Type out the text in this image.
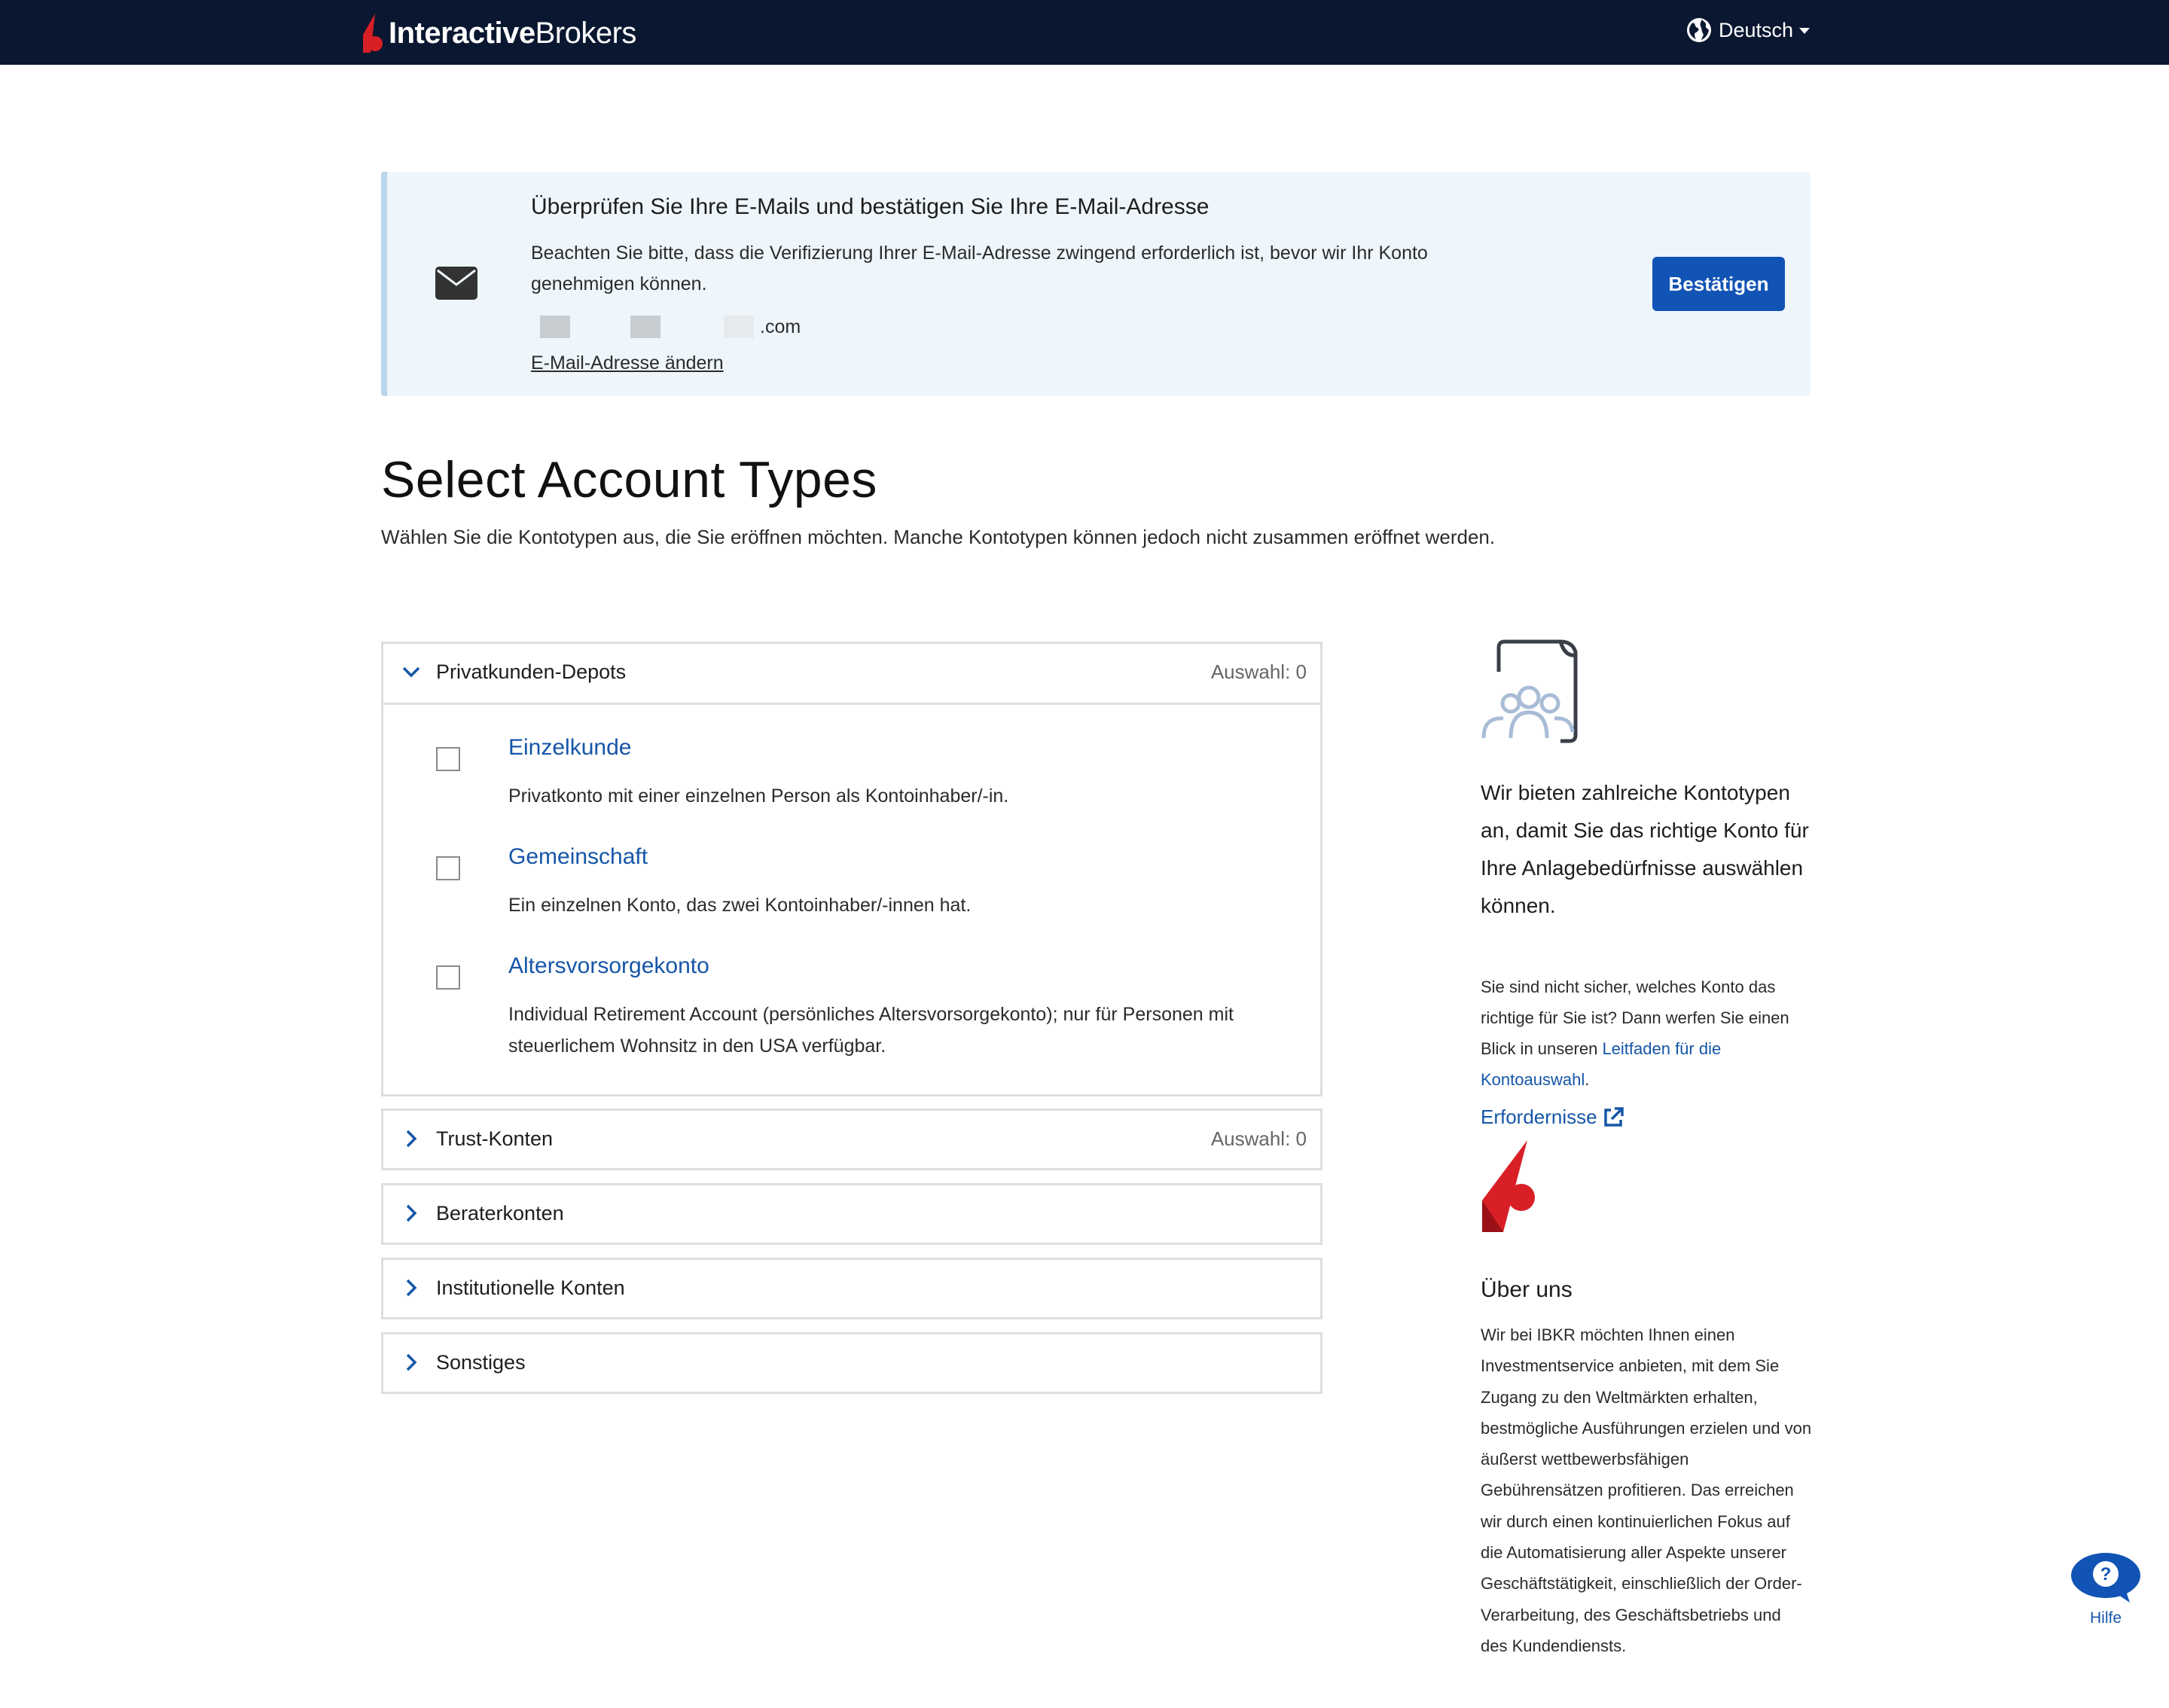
InteractiveBrokers	Deutsch
Überprüfen Sie Ihre E-Mails und bestätigen Sie Ihre E-Mail-Adresse
Beachten Sie bitte, dass die Verifizierung Ihrer E-Mail-Adresse zwingend erforderlich ist, bevor wir Ihr Konto genehmigen können.
.com
E-Mail-Adresse ändern
Bestätigen
Select Account Types
Wählen Sie die Kontotypen aus, die Sie eröffnen möchten. Manche Kontotypen können jedoch nicht zusammen eröffnet werden.
Privatkunden-Depots	Auswahl: 0
Einzelkunde
Privatkonto mit einer einzelnen Person als Kontoinhaber/-in.
Gemeinschaft
Ein einzelnen Konto, das zwei Kontoinhaber/-innen hat.
Altersvorsorgekonto
Individual Retirement Account (persönliches Altersvorsorgekonto); nur für Personen mit steuerlichem Wohnsitz in den USA verfügbar.
Trust-Konten	Auswahl: 0
Beraterkonten
Institutionelle Konten
Sonstiges
Wir bieten zahlreiche Kontotypen an, damit Sie das richtige Konto für Ihre Anlagebedürfnisse auswählen können.
Sie sind nicht sicher, welches Konto das richtige für Sie ist? Dann werfen Sie einen Blick in unseren Leitfaden für die Kontoauswahl.
Erfordernisse
Über uns
Wir bei IBKR möchten Ihnen einen Investmentservice anbieten, mit dem Sie Zugang zu den Weltmärkten erhalten, bestmögliche Ausführungen erzielen und von äußerst wettbewerbsfähigen Gebührensätzen profitieren. Das erreichen wir durch einen kontinuierlichen Fokus auf die Automatisierung aller Aspekte unserer Geschäftstätigkeit, einschließlich der Order-Verarbeitung, des Geschäftsbetriebs und des Kundendiensts.
?
Hilfe
